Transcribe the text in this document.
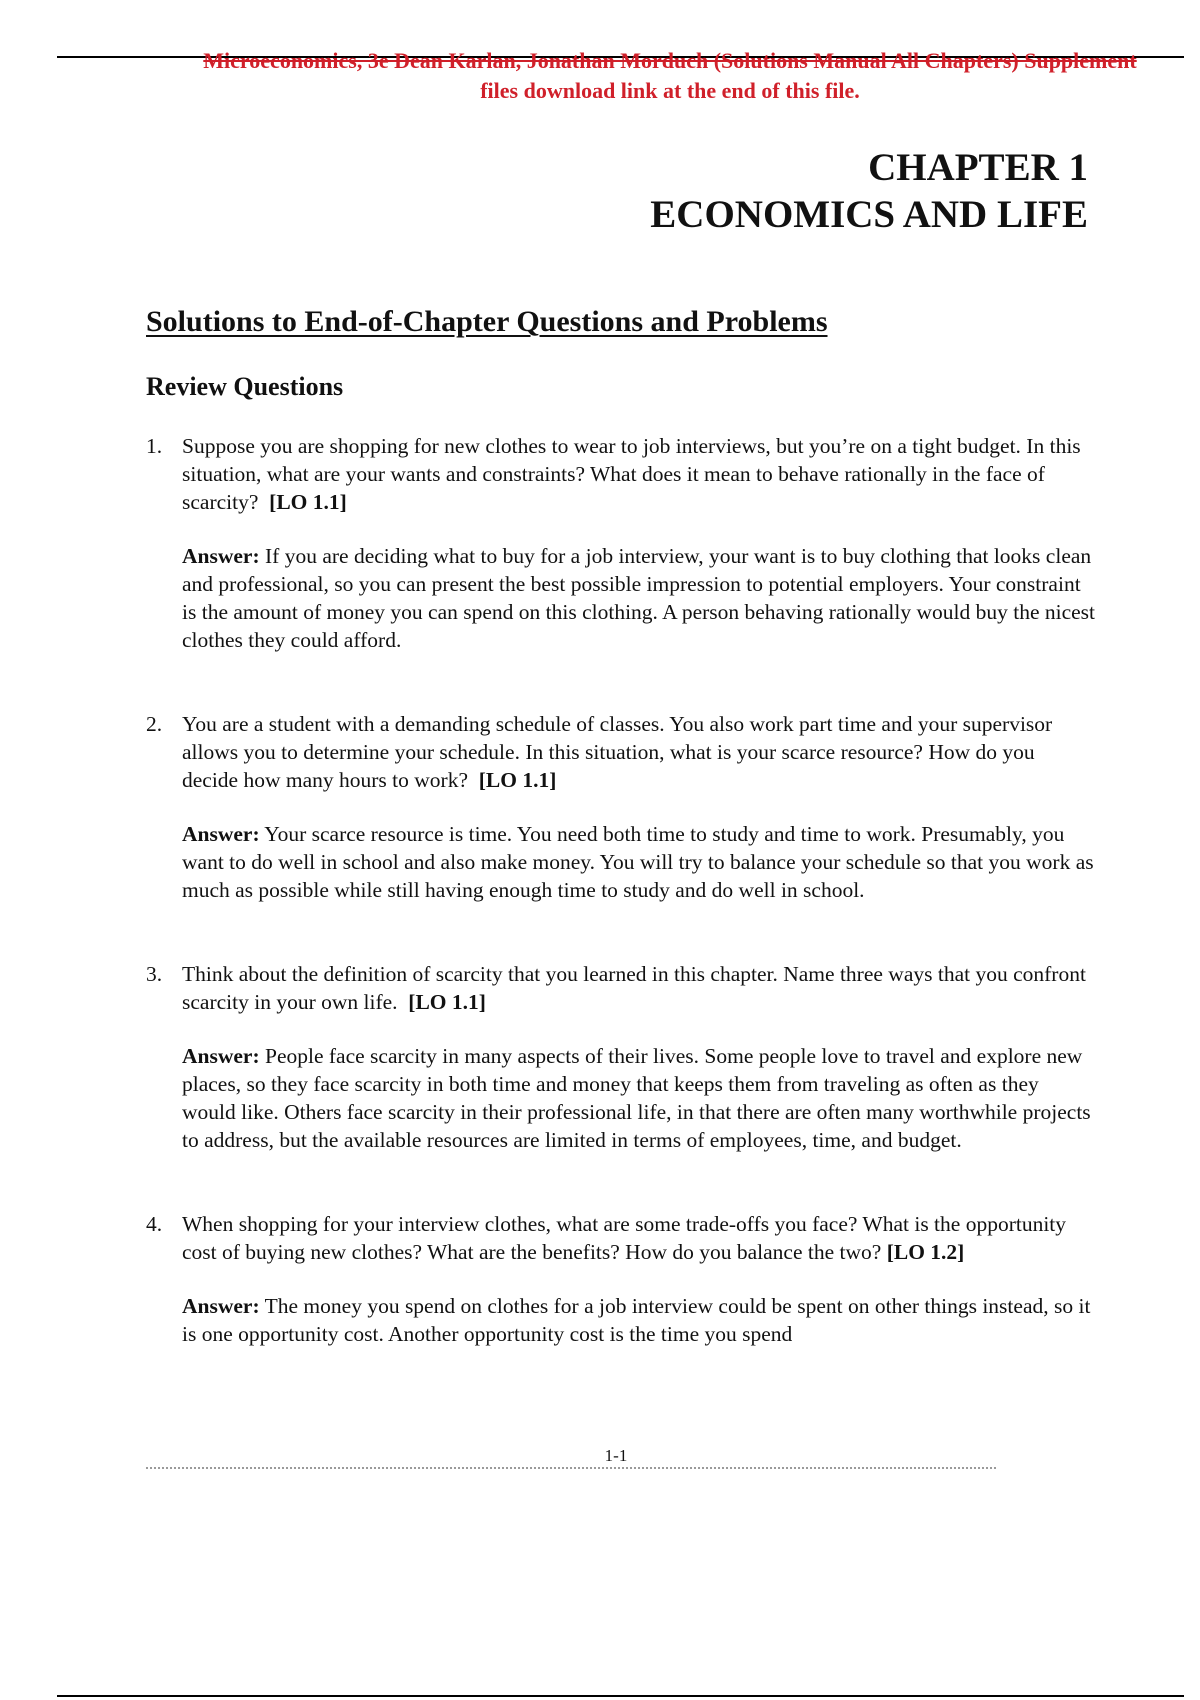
Microeconomics, 3e Dean Karlan, Jonathan Morduch (Solutions Manual All Chapters) Supplement
files download link at the end of this file.
CHAPTER 1
ECONOMICS AND LIFE
Solutions to End-of-Chapter Questions and Problems
Review Questions
1. Suppose you are shopping for new clothes to wear to job interviews, but you’re on a tight budget. In this situation, what are your wants and constraints? What does it mean to behave rationally in the face of scarcity? [LO 1.1]

Answer: If you are deciding what to buy for a job interview, your want is to buy clothing that looks clean and professional, so you can present the best possible impression to potential employers. Your constraint is the amount of money you can spend on this clothing. A person behaving rationally would buy the nicest clothes they could afford.

2. You are a student with a demanding schedule of classes. You also work part time and your supervisor allows you to determine your schedule. In this situation, what is your scarce resource? How do you decide how many hours to work? [LO 1.1]

Answer: Your scarce resource is time. You need both time to study and time to work. Presumably, you want to do well in school and also make money. You will try to balance your schedule so that you work as much as possible while still having enough time to study and do well in school.

3. Think about the definition of scarcity that you learned in this chapter. Name three ways that you confront scarcity in your own life. [LO 1.1]

Answer: People face scarcity in many aspects of their lives. Some people love to travel and explore new places, so they face scarcity in both time and money that keeps them from traveling as often as they would like. Others face scarcity in their professional life, in that there are often many worthwhile projects to address, but the available resources are limited in terms of employees, time, and budget.

4. When shopping for your interview clothes, what are some trade-offs you face? What is the opportunity cost of buying new clothes? What are the benefits? How do you balance the two? [LO 1.2]

Answer: The money you spend on clothes for a job interview could be spent on other things instead, so it is one opportunity cost. Another opportunity cost is the time you spend

1-1
